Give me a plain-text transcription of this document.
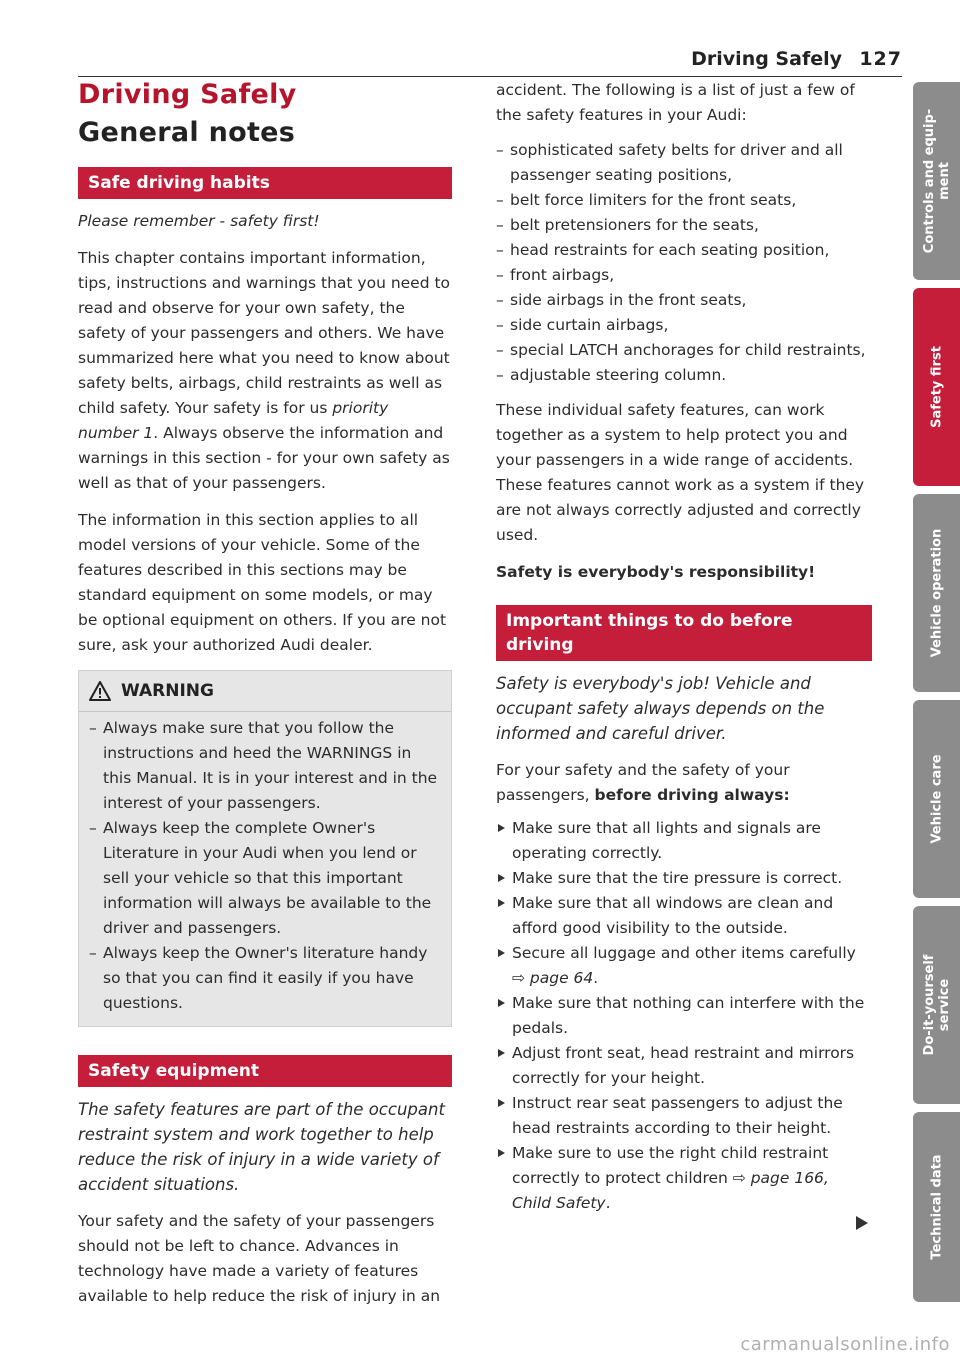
Driving Safely 127
Driving Safely
General notes
Safe driving habits

Please remember - safety first!

This chapter contains important information, tips, instructions and warnings that you need to read and observe for your own safety, the safety of your passengers and others. We have summarized here what you need to know about safety belts, airbags, child restraints as well as child safety. Your safety is for us priority number 1. Always observe the information and warnings in this section - for your own safety as well as that of your passengers.

The information in this section applies to all model versions of your vehicle. Some of the features described in this sections may be standard equipment on some models, or may be optional equipment on others. If you are not sure, ask your authorized Audi dealer.

WARNING
– Always make sure that you follow the instructions and heed the WARNINGS in this Manual. It is in your interest and in the interest of your passengers.
– Always keep the complete Owner's Literature in your Audi when you lend or sell your vehicle so that this important information will always be available to the driver and passengers.
– Always keep the Owner's literature handy so that you can find it easily if you have questions.
Safety equipment

The safety features are part of the occupant restraint system and work together to help reduce the risk of injury in a wide variety of accident situations.

Your safety and the safety of your passengers should not be left to chance. Advances in technology have made a variety of features available to help reduce the risk of injury in an

accident. The following is a list of just a few of the safety features in your Audi:

– sophisticated safety belts for driver and all passenger seating positions,
– belt force limiters for the front seats,
– belt pretensioners for the seats,
– head restraints for each seating position,
– front airbags,
– side airbags in the front seats,
– side curtain airbags,
– special LATCH anchorages for child restraints,
– adjustable steering column.

These individual safety features, can work together as a system to help protect you and your passengers in a wide range of accidents. These features cannot work as a system if they are not always correctly adjusted and correctly used.

Safety is everybody's responsibility!

Important things to do before driving

Safety is everybody's job! Vehicle and occupant safety always depends on the informed and careful driver.

For your safety and the safety of your passengers, before driving always:

Make sure that all lights and signals are operating correctly.
Make sure that the tire pressure is correct.
Make sure that all windows are clean and afford good visibility to the outside.
Secure all luggage and other items carefully ⇨ page 64.
Make sure that nothing can interfere with the pedals.
Adjust front seat, head restraint and mirrors correctly for your height.
Instruct rear seat passengers to adjust the head restraints according to their height.
Make sure to use the right child restraint correctly to protect children ⇨ page 166, Child Safety.
Controls and equip-
ment
Safety first
Vehicle operation
Vehicle care
Do-it-yourself
service
Technical data
carmanualsonline.info
